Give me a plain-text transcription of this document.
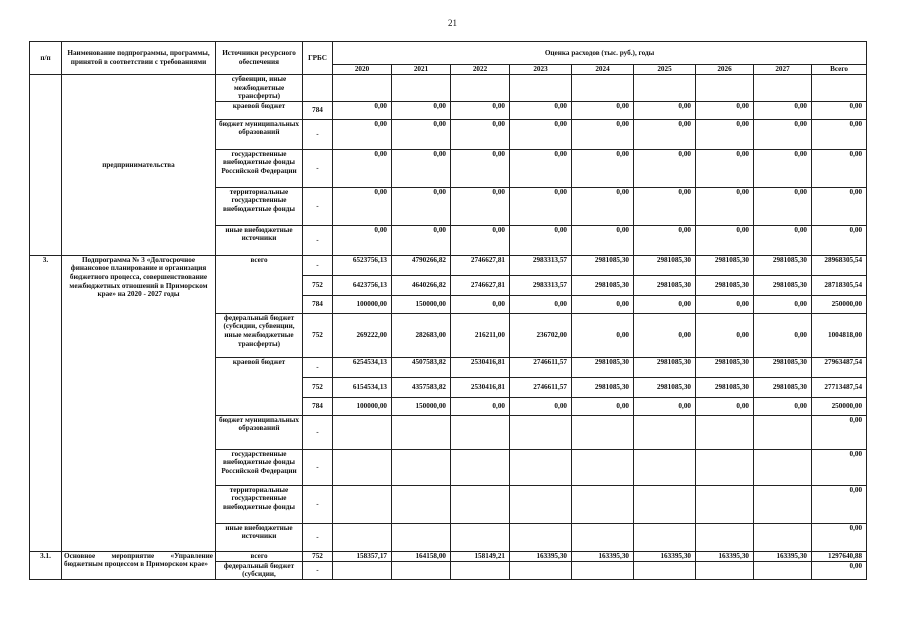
21
п/п	Наименование подпрограммы, программы, принятой в соответствии с требованиями	Источники ресурсного обеспечения	ГРБС	Оценка расходов (тыс. руб.), годы								
				2020	2021	2022	2023	2024	2025	2026	2027	Всего
	предпринимательства	субвенции, иные межбюджетные трансферты)										
		краевой бюджет	784	0,00	0,00	0,00	0,00	0,00	0,00	0,00	0,00	0,00
		бюджет муниципальных образований	-	0,00	0,00	0,00	0,00	0,00	0,00	0,00	0,00	0,00
		государственные внебюджетные фонды Российской Федерации	-	0,00	0,00	0,00	0,00	0,00	0,00	0,00	0,00	0,00
		территориальные государственные внебюджетные фонды	-	0,00	0,00	0,00	0,00	0,00	0,00	0,00	0,00	0,00
		иные внебюджетные источники	-	0,00	0,00	0,00	0,00	0,00	0,00	0,00	0,00	0,00
3.	Подпрограмма № 3 «Долгосрочное финансовое планирование и организация бюджетного процесса, совершенствование межбюджетных отношений в Приморском крае» на 2020 - 2027 годы	всего	-	6523756,13	4790266,82	2746627,81	2983313,57	2981085,30	2981085,30	2981085,30	2981085,30	28968305,54
			752	6423756,13	4640266,82	2746627,81	2983313,57	2981085,30	2981085,30	2981085,30	2981085,30	28718305,54
			784	100000,00	150000,00	0,00	0,00	0,00	0,00	0,00	0,00	250000,00
		федеральный бюджет (субсидии, субвенции, иные межбюджетные трансферты)	752	269222,00	282683,00	216211,00	236702,00	0,00	0,00	0,00	0,00	1004818,00
		краевой бюджет	-	6254534,13	4507583,82	2530416,81	2746611,57	2981085,30	2981085,30	2981085,30	2981085,30	27963487,54
			752	6154534,13	4357583,82	2530416,81	2746611,57	2981085,30	2981085,30	2981085,30	2981085,30	27713487,54
			784	100000,00	150000,00	0,00	0,00	0,00	0,00	0,00	0,00	250000,00
		бюджет муниципальных образований	-									0,00
		государственные внебюджетные фонды Российской Федерации	-									0,00
		территориальные государственные внебюджетные фонды	-									0,00
		иные внебюджетные источники	-									0,00
3.1.	Основное мероприятие «Управление бюджетным процессом в Приморском крае»	всего	752	158357,17	164158,00	158149,21	163395,30	163395,30	163395,30	163395,30	163395,30	1297640,88
		федеральный бюджет (субсидии,	-									0,00
